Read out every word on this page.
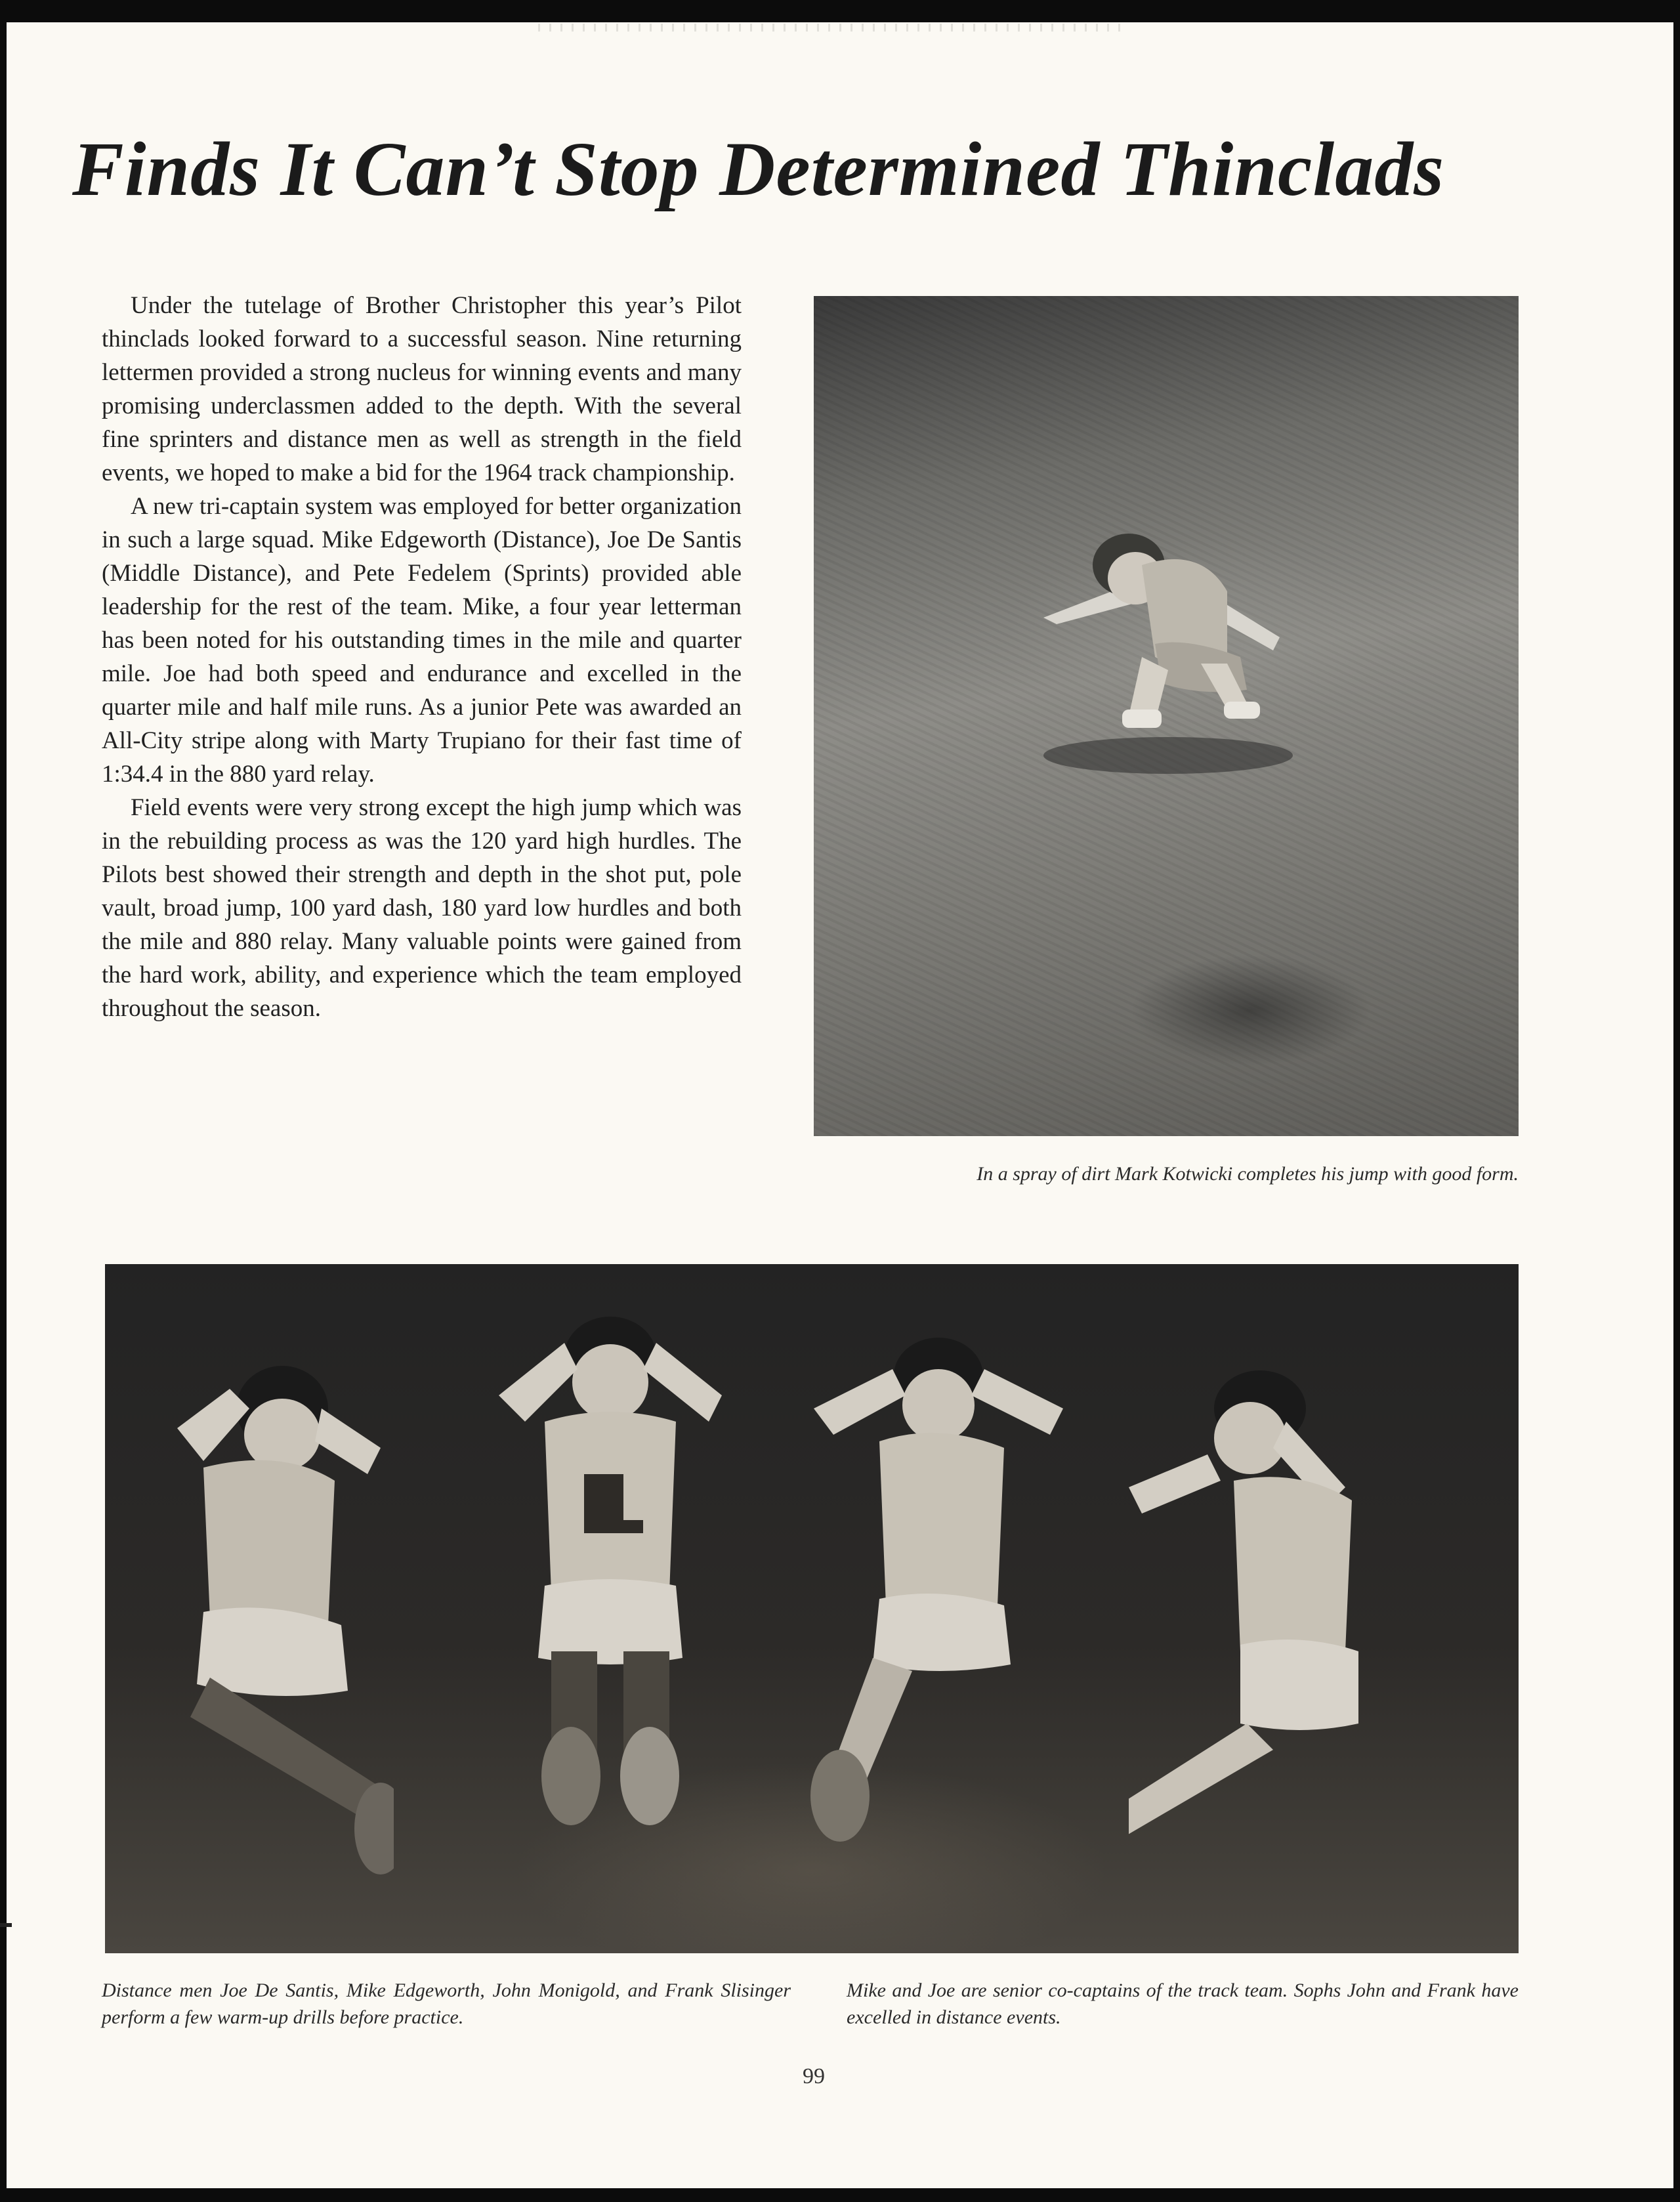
Finds It Can’t Stop Determined Thinclads

Under the tutelage of Brother Christopher this year’s Pilot thinclads looked forward to a successful season. Nine returning lettermen provided a strong nucleus for winning events and many promising underclassmen added to the depth. With the several fine sprinters and distance men as well as strength in the field events, we hoped to make a bid for the 1964 track championship.

A new tri-captain system was employed for better organization in such a large squad. Mike Edgeworth (Distance), Joe De Santis (Middle Distance), and Pete Fedelem (Sprints) provided able leadership for the rest of the team. Mike, a four year letterman has been noted for his outstanding times in the mile and quarter mile. Joe had both speed and endurance and excelled in the quarter mile and half mile runs. As a junior Pete was awarded an All-City stripe along with Marty Trupiano for their fast time of 1:34.4 in the 880 yard relay.

Field events were very strong except the high jump which was in the rebuilding process as was the 120 yard high hurdles. The Pilots best showed their strength and depth in the shot put, pole vault, broad jump, 100 yard dash, 180 yard low hurdles and both the mile and 880 relay. Many valuable points were gained from the hard work, ability, and experience which the team employed throughout the season.

In a spray of dirt Mark Kotwicki completes his jump with good form.

Distance men Joe De Santis, Mike Edgeworth, John Monigold, and Frank Slisinger perform a few warm-up drills before practice.

Mike and Joe are senior co-captains of the track team. Sophs John and Frank have excelled in distance events.

99
